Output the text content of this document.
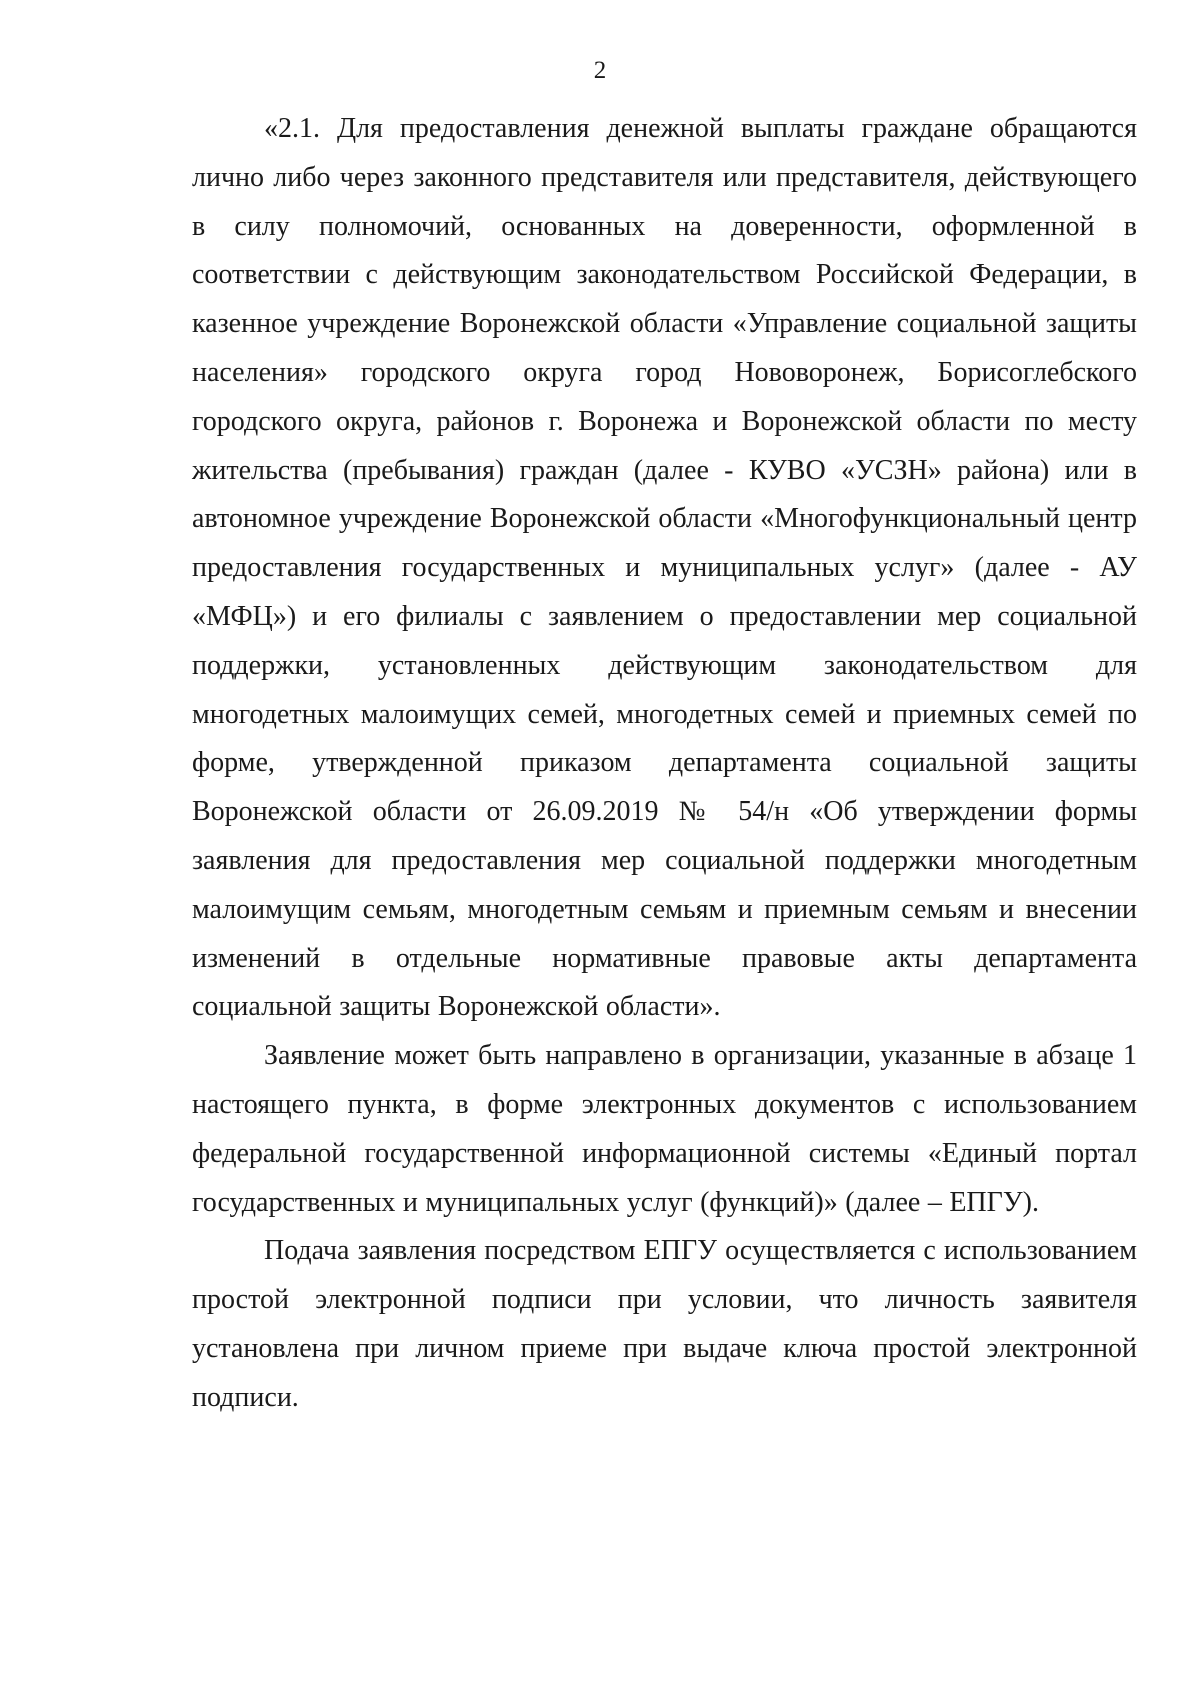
2

«2.1. Для предоставления денежной выплаты граждане обращаются лично либо через законного представителя или представителя, действующего в силу полномочий, основанных на доверенности, оформленной в соответствии с действующим законодательством Российской Федерации, в казенное учреждение Воронежской области «Управление социальной защиты населения» городского округа город Нововоронеж, Борисоглебского городского округа, районов г. Воронежа и Воронежской области по месту жительства (пребывания) граждан (далее - КУВО «УСЗН» района) или в автономное учреждение Воронежской области «Многофункциональный центр предоставления государственных и муниципальных услуг» (далее - АУ «МФЦ») и его филиалы с заявлением о предоставлении мер социальной поддержки, установленных действующим законодательством для многодетных малоимущих семей, многодетных семей и приемных семей по форме, утвержденной приказом департамента социальной защиты Воронежской области от 26.09.2019 № 54/н «Об утверждении формы заявления для предоставления мер социальной поддержки многодетным малоимущим семьям, многодетным семьям и приемным семьям и внесении изменений в отдельные нормативные правовые акты департамента социальной защиты Воронежской области».

Заявление может быть направлено в организации, указанные в абзаце 1 настоящего пункта, в форме электронных документов с использованием федеральной государственной информационной системы «Единый портал государственных и муниципальных услуг (функций)» (далее – ЕПГУ).

Подача заявления посредством ЕПГУ осуществляется с использованием простой электронной подписи при условии, что личность заявителя установлена при личном приеме при выдаче ключа простой электронной подписи.
